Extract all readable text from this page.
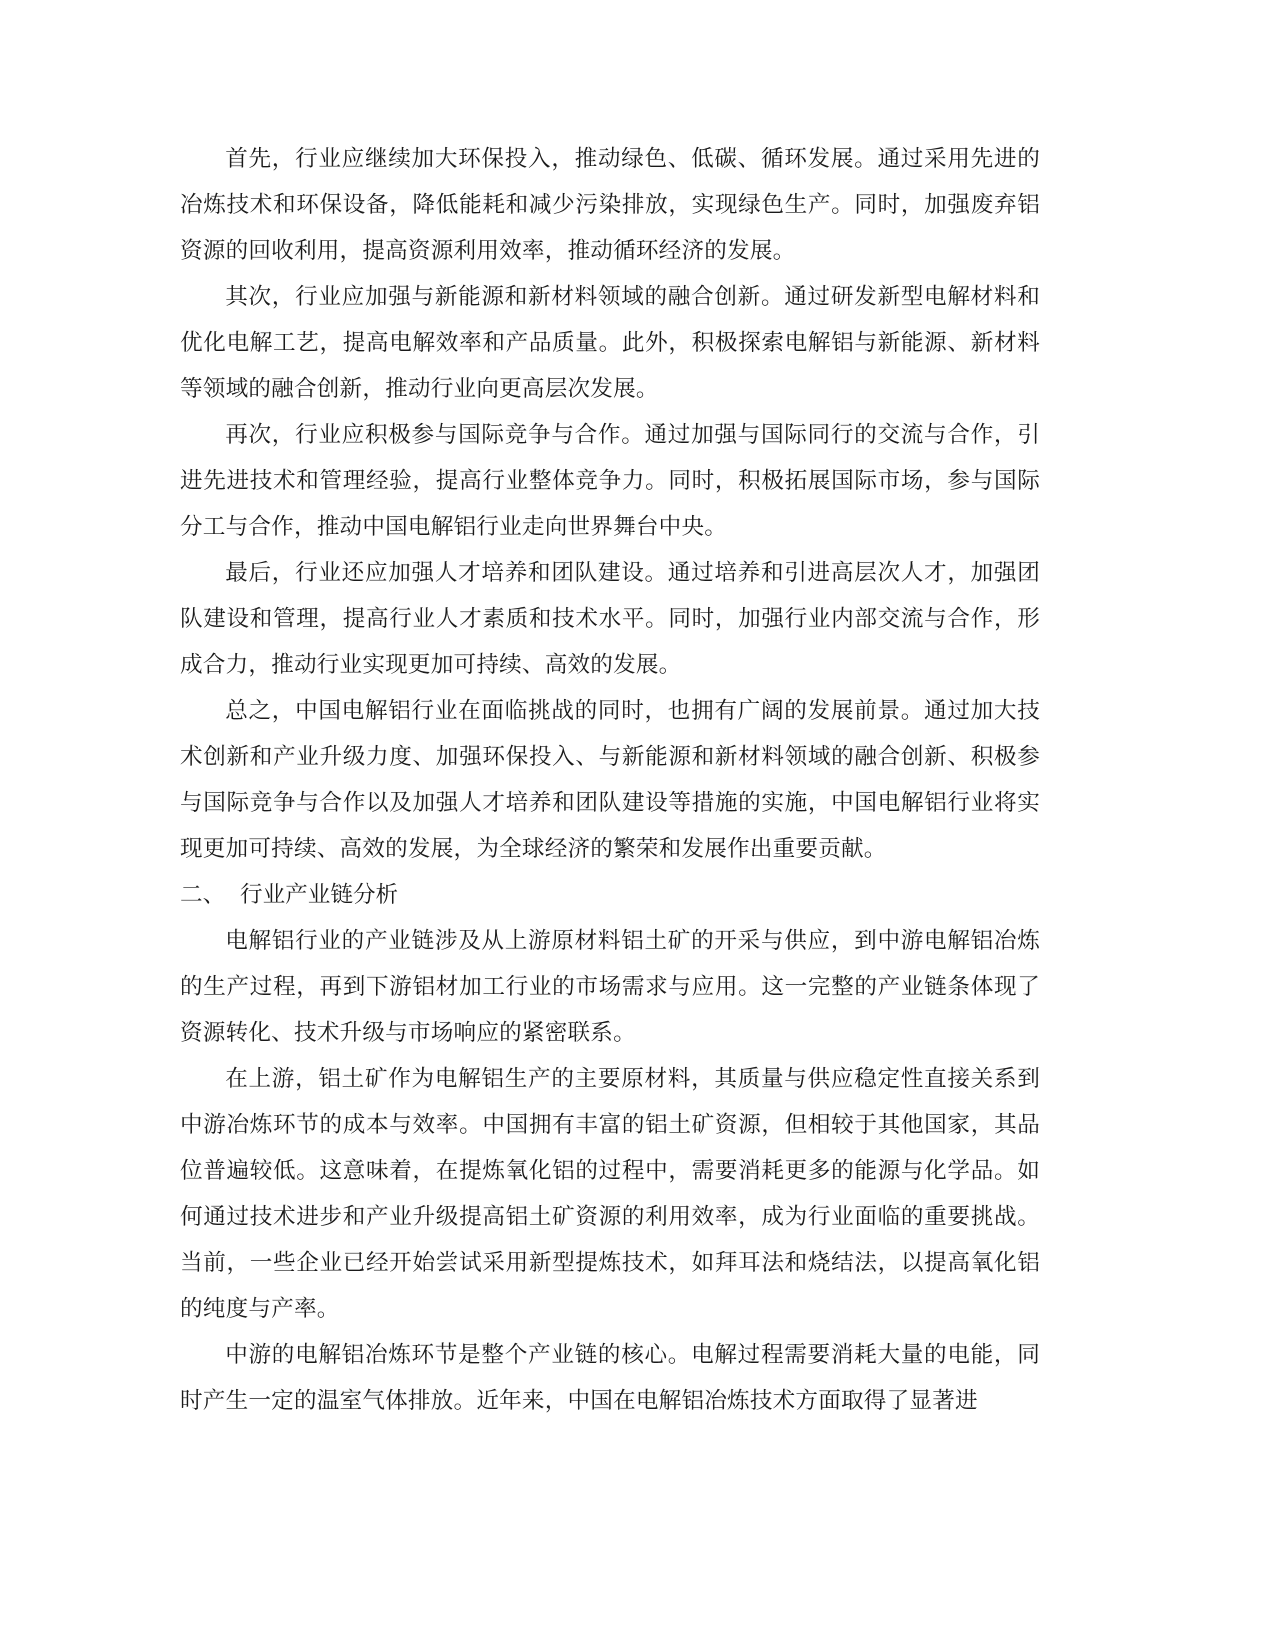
首先，行业应继续加大环保投入，推动绿色、低碳、循环发展。通过采用先进的冶炼技术和环保设备，降低能耗和减少污染排放，实现绿色生产。同时，加强废弃铝资源的回收利用，提高资源利用效率，推动循环经济的发展。

其次，行业应加强与新能源和新材料领域的融合创新。通过研发新型电解材料和优化电解工艺，提高电解效率和产品质量。此外，积极探索电解铝与新能源、新材料等领域的融合创新，推动行业向更高层次发展。

再次，行业应积极参与国际竞争与合作。通过加强与国际同行的交流与合作，引进先进技术和管理经验，提高行业整体竞争力。同时，积极拓展国际市场，参与国际分工与合作，推动中国电解铝行业走向世界舞台中央。

最后，行业还应加强人才培养和团队建设。通过培养和引进高层次人才，加强团队建设和管理，提高行业人才素质和技术水平。同时，加强行业内部交流与合作，形成合力，推动行业实现更加可持续、高效的发展。

总之，中国电解铝行业在面临挑战的同时，也拥有广阔的发展前景。通过加大技术创新和产业升级力度、加强环保投入、与新能源和新材料领域的融合创新、积极参与国际竞争与合作以及加强人才培养和团队建设等措施的实施，中国电解铝行业将实现更加可持续、高效的发展，为全球经济的繁荣和发展作出重要贡献。

二、 行业产业链分析

电解铝行业的产业链涉及从上游原材料铝土矿的开采与供应，到中游电解铝冶炼的生产过程，再到下游铝材加工行业的市场需求与应用。这一完整的产业链条体现了资源转化、技术升级与市场响应的紧密联系。

在上游，铝土矿作为电解铝生产的主要原材料，其质量与供应稳定性直接关系到中游冶炼环节的成本与效率。中国拥有丰富的铝土矿资源，但相较于其他国家，其品位普遍较低。这意味着，在提炼氧化铝的过程中，需要消耗更多的能源与化学品。如何通过技术进步和产业升级提高铝土矿资源的利用效率，成为行业面临的重要挑战。当前，一些企业已经开始尝试采用新型提炼技术，如拜耳法和烧结法，以提高氧化铝的纯度与产率。

中游的电解铝冶炼环节是整个产业链的核心。电解过程需要消耗大量的电能，同时产生一定的温室气体排放。近年来，中国在电解铝冶炼技术方面取得了显著进
